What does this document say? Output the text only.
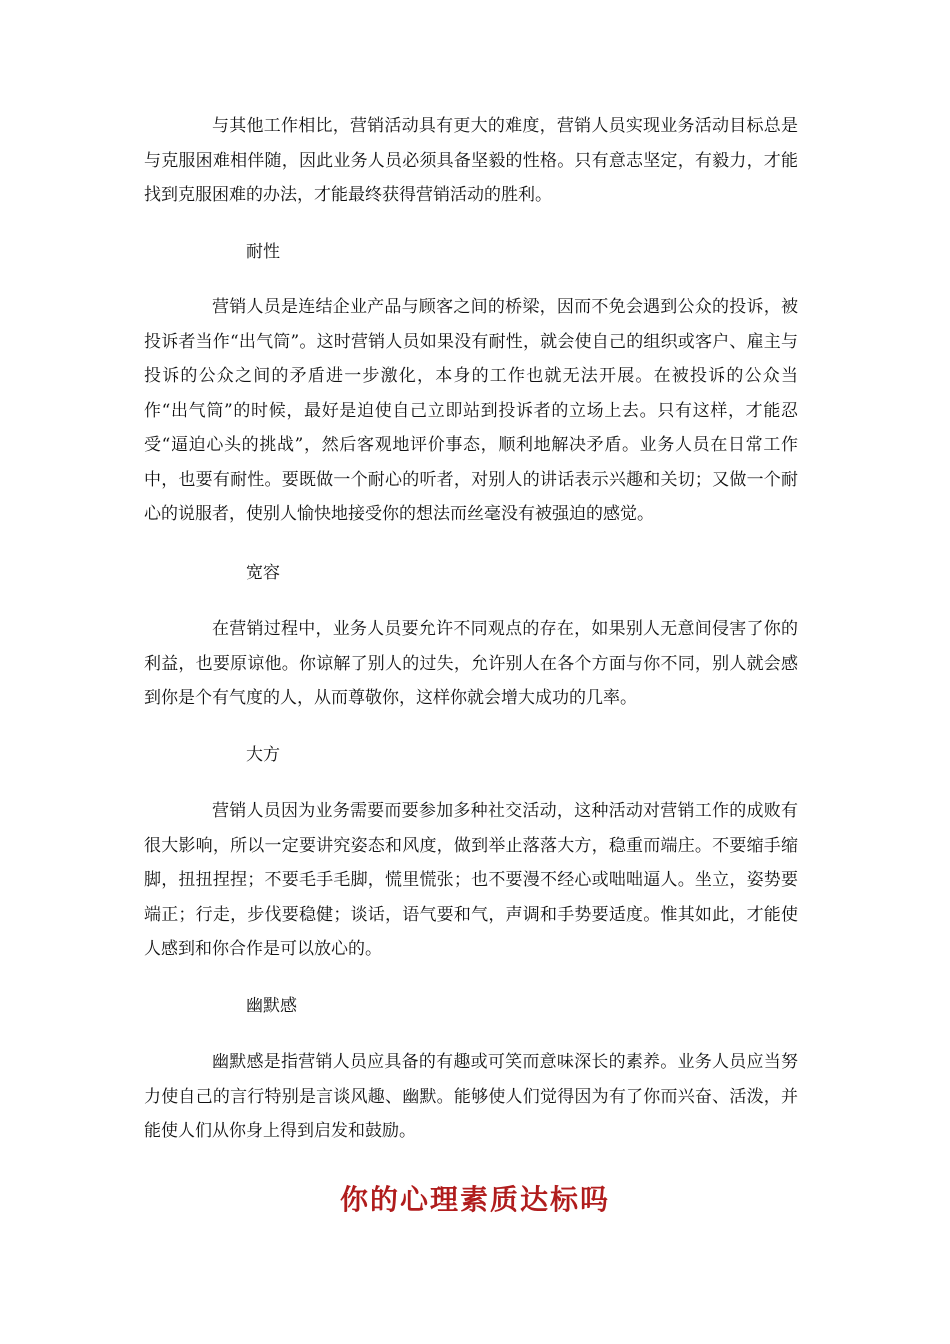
与其他工作相比，营销活动具有更大的难度，营销人员实现业务活动目标总是与克服困难相伴随，因此业务人员必须具备坚毅的性格。只有意志坚定，有毅力，才能找到克服困难的办法，才能最终获得营销活动的胜利。

耐性

营销人员是连结企业产品与顾客之间的桥梁，因而不免会遇到公众的投诉，被投诉者当作“出气筒”。这时营销人员如果没有耐性，就会使自己的组织或客户、雇主与投诉的公众之间的矛盾进一步激化，本身的工作也就无法开展。在被投诉的公众当作“出气筒”的时候，最好是迫使自己立即站到投诉者的立场上去。只有这样，才能忍受“逼迫心头的挑战”，然后客观地评价事态，顺利地解决矛盾。业务人员在日常工作中，也要有耐性。要既做一个耐心的听者，对别人的讲话表示兴趣和关切；又做一个耐心的说服者，使别人愉快地接受你的想法而丝毫没有被强迫的感觉。

宽容

在营销过程中，业务人员要允许不同观点的存在，如果别人无意间侵害了你的利益，也要原谅他。你谅解了别人的过失，允许别人在各个方面与你不同，别人就会感到你是个有气度的人，从而尊敬你，这样你就会增大成功的几率。

大方

营销人员因为业务需要而要参加多种社交活动，这种活动对营销工作的成败有很大影响，所以一定要讲究姿态和风度，做到举止落落大方，稳重而端庄。不要缩手缩脚，扭扭捏捏；不要毛手毛脚，慌里慌张；也不要漫不经心或咄咄逼人。坐立，姿势要端正；行走，步伐要稳健；谈话，语气要和气，声调和手势要适度。惟其如此，才能使人感到和你合作是可以放心的。

幽默感

幽默感是指营销人员应具备的有趣或可笑而意味深长的素养。业务人员应当努力使自己的言行特别是言谈风趣、幽默。能够使人们觉得因为有了你而兴奋、活泼，并能使人们从你身上得到启发和鼓励。

你的心理素质达标吗
